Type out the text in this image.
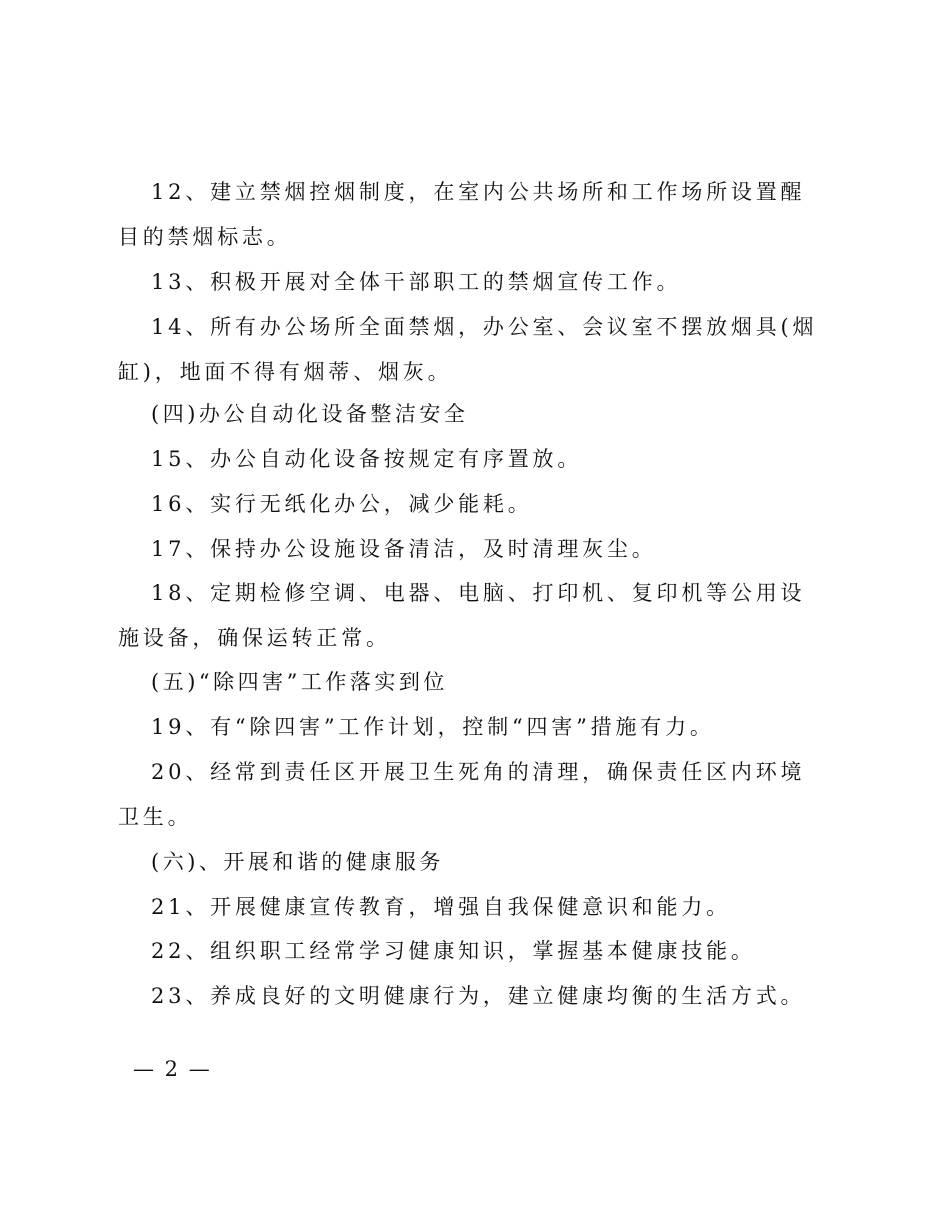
12、建立禁烟控烟制度，在室内公共场所和工作场所设置醒目的禁烟标志。

13、积极开展对全体干部职工的禁烟宣传工作。

14、所有办公场所全面禁烟，办公室、会议室不摆放烟具(烟缸)，地面不得有烟蒂、烟灰。

(四)办公自动化设备整洁安全

15、办公自动化设备按规定有序置放。

16、实行无纸化办公，减少能耗。

17、保持办公设施设备清洁，及时清理灰尘。

18、定期检修空调、电器、电脑、打印机、复印机等公用设施设备，确保运转正常。

(五)“除四害”工作落实到位

19、有“除四害”工作计划，控制“四害”措施有力。

20、经常到责任区开展卫生死角的清理，确保责任区内环境卫生。

(六)、开展和谐的健康服务

21、开展健康宣传教育，增强自我保健意识和能力。

22、组织职工经常学习健康知识，掌握基本健康技能。

23、养成良好的文明健康行为，建立健康均衡的生活方式。

— 2 —
